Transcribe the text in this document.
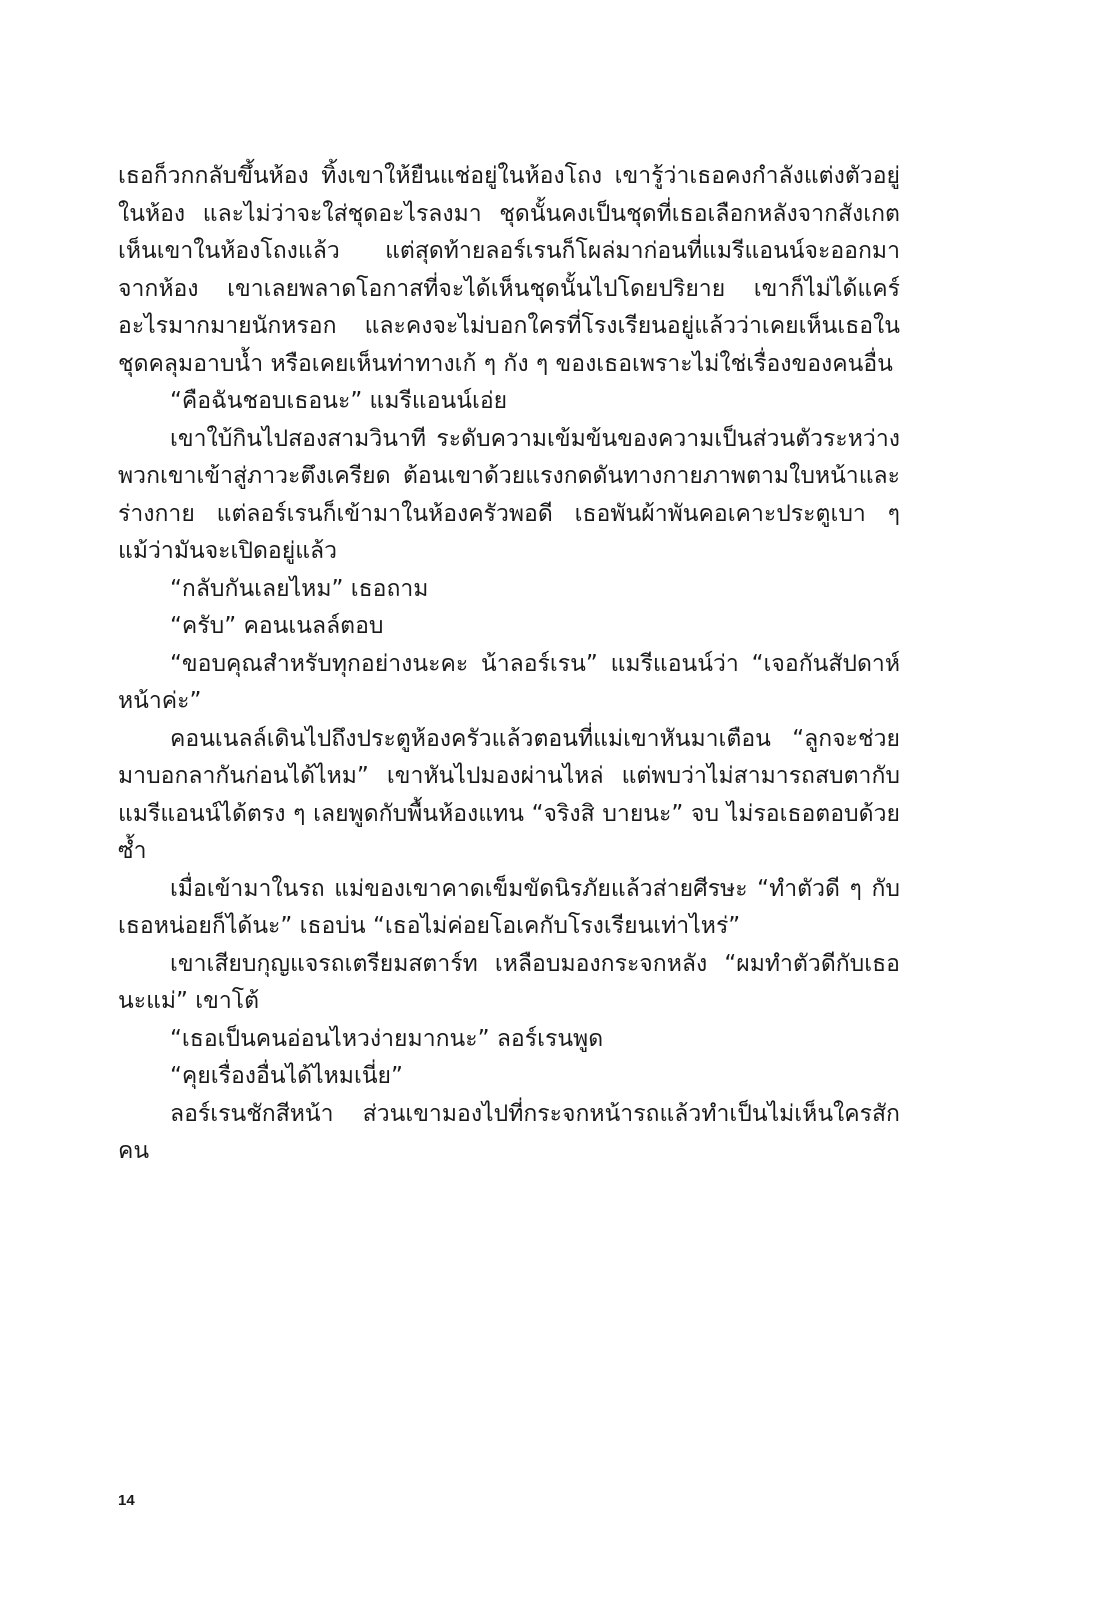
เธอก็วกกลับขึ้นห้อง ทิ้งเขาให้ยืนแช่อยู่ในห้องโถง เขารู้ว่าเธอคงกำลังแต่งตัวอยู่ในห้อง และไม่ว่าจะใส่ชุดอะไรลงมา ชุดนั้นคงเป็นชุดที่เธอเลือกหลังจากสังเกตเห็นเขาในห้องโถงแล้ว แต่สุดท้ายลอร์เรนก็โผล่มาก่อนที่แมรีแอนน์จะออกมาจากห้อง เขาเลยพลาดโอกาสที่จะได้เห็นชุดนั้นไปโดยปริยาย เขาก็ไม่ได้แคร์อะไรมากมายนักหรอก และคงจะไม่บอกใครที่โรงเรียนอยู่แล้วว่าเคยเห็นเธอในชุดคลุมอาบน้ำ หรือเคยเห็นท่าทางเก้ ๆ กัง ๆ ของเธอเพราะไม่ใช่เรื่องของคนอื่น

“คือฉันชอบเธอนะ” แมรีแอนน์เอ่ย

เขาใบ้กินไปสองสามวินาที ระดับความเข้มข้นของความเป็นส่วนตัวระหว่างพวกเขาเข้าสู่ภาวะตึงเครียด ต้อนเขาด้วยแรงกดดันทางกายภาพตามใบหน้าและร่างกาย แต่ลอร์เรนก็เข้ามาในห้องครัวพอดี เธอพันผ้าพันคอเคาะประตูเบา ๆ แม้ว่ามันจะเปิดอยู่แล้ว

“กลับกันเลยไหม” เธอถาม

“ครับ” คอนเนลล์ตอบ

“ขอบคุณสำหรับทุกอย่างนะคะ น้าลอร์เรน” แมรีแอนน์ว่า “เจอกันสัปดาห์หน้าค่ะ”

คอนเนลล์เดินไปถึงประตูห้องครัวแล้วตอนที่แม่เขาหันมาเตือน “ลูกจะช่วยมาบอกลากันก่อนได้ไหม” เขาหันไปมองผ่านไหล่ แต่พบว่าไม่สามารถสบตากับแมรีแอนน์ได้ตรง ๆ เลยพูดกับพื้นห้องแทน “จริงสิ บายนะ” จบ ไม่รอเธอตอบด้วยซ้ำ

เมื่อเข้ามาในรถ แม่ของเขาคาดเข็มขัดนิรภัยแล้วส่ายศีรษะ “ทำตัวดี ๆ กับเธอหน่อยก็ได้นะ” เธอบ่น “เธอไม่ค่อยโอเคกับโรงเรียนเท่าไหร่”

เขาเสียบกุญแจรถเตรียมสตาร์ท เหลือบมองกระจกหลัง “ผมทำตัวดีกับเธอนะแม่” เขาโต้

“เธอเป็นคนอ่อนไหวง่ายมากนะ” ลอร์เรนพูด

“คุยเรื่องอื่นได้ไหมเนี่ย”

ลอร์เรนชักสีหน้า ส่วนเขามองไปที่กระจกหน้ารถแล้วทำเป็นไม่เห็นใครสักคน

14
